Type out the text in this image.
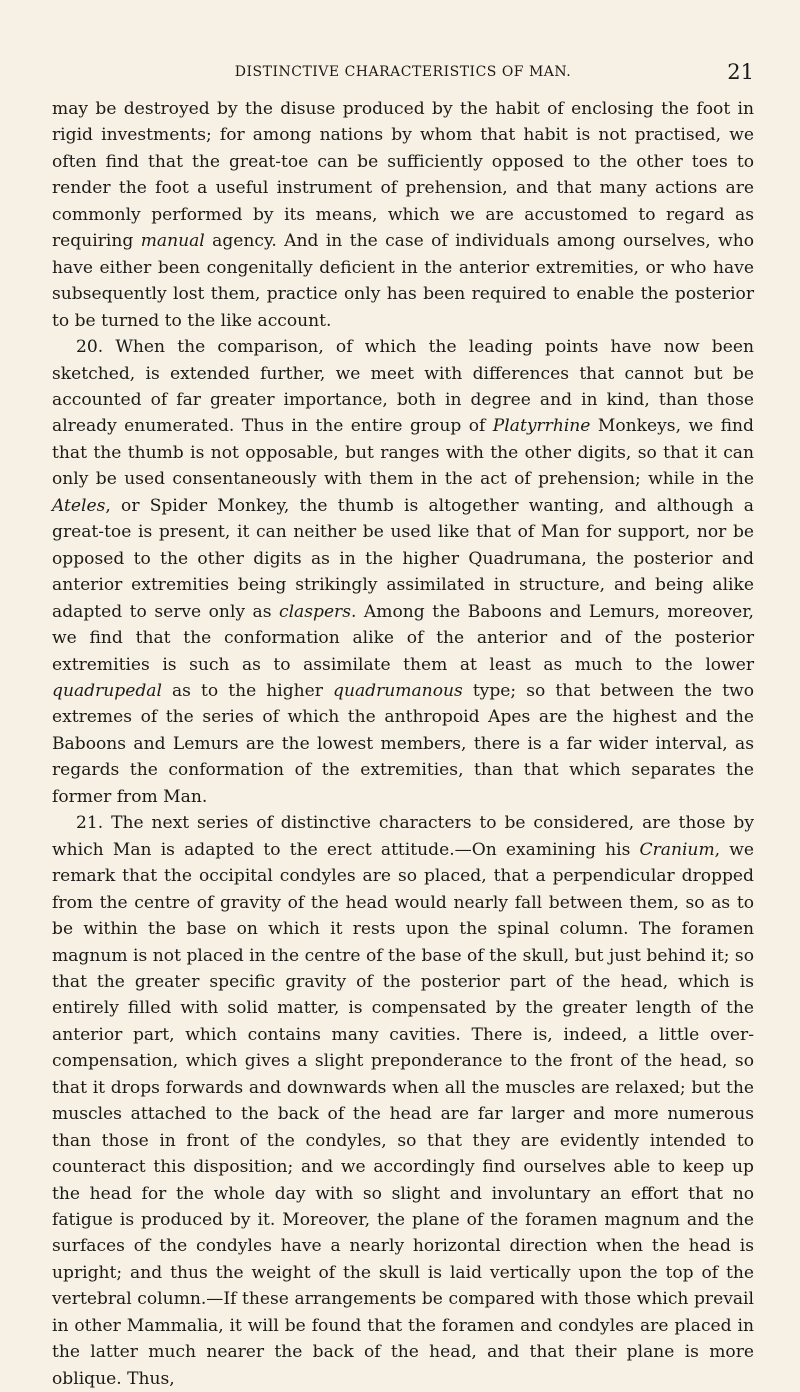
DISTINCTIVE CHARACTERISTICS OF MAN.	21

may be destroyed by the disuse produced by the habit of enclosing the foot in rigid investments; for among nations by whom that habit is not practised, we often find that the great-toe can be sufficiently opposed to the other toes to render the foot a useful instrument of prehension, and that many actions are commonly performed by its means, which we are accustomed to regard as requiring manual agency. And in the case of individuals among ourselves, who have either been congenitally deficient in the anterior extremities, or who have subsequently lost them, practice only has been required to enable the posterior to be turned to the like account.

20. When the comparison, of which the leading points have now been sketched, is extended further, we meet with differences that cannot but be accounted of far greater importance, both in degree and in kind, than those already enumerated. Thus in the entire group of Platyrrhine Monkeys, we find that the thumb is not opposable, but ranges with the other digits, so that it can only be used consentaneously with them in the act of prehension; while in the Ateles, or Spider Monkey, the thumb is altogether wanting, and although a great-toe is present, it can neither be used like that of Man for support, nor be opposed to the other digits as in the higher Quadrumana, the posterior and anterior extremities being strikingly assimilated in structure, and being alike adapted to serve only as claspers. Among the Baboons and Lemurs, moreover, we find that the conformation alike of the anterior and of the posterior extremities is such as to assimilate them at least as much to the lower quadrupedal as to the higher quadrumanous type; so that between the two extremes of the series of which the anthropoid Apes are the highest and the Baboons and Lemurs are the lowest members, there is a far wider interval, as regards the conformation of the extremities, than that which separates the former from Man.

21. The next series of distinctive characters to be considered, are those by which Man is adapted to the erect attitude.—On examining his Cranium, we remark that the occipital condyles are so placed, that a perpendicular dropped from the centre of gravity of the head would nearly fall between them, so as to be within the base on which it rests upon the spinal column. The foramen magnum is not placed in the centre of the base of the skull, but just behind it; so that the greater specific gravity of the posterior part of the head, which is entirely filled with solid matter, is compensated by the greater length of the anterior part, which contains many cavities. There is, indeed, a little over-compensation, which gives a slight preponderance to the front of the head, so that it drops forwards and downwards when all the muscles are relaxed; but the muscles attached to the back of the head are far larger and more numerous than those in front of the condyles, so that they are evidently intended to counteract this disposition; and we accordingly find ourselves able to keep up the head for the whole day with so slight and involuntary an effort that no fatigue is produced by it. Moreover, the plane of the foramen magnum and the surfaces of the condyles have a nearly horizontal direction when the head is upright; and thus the weight of the skull is laid vertically upon the top of the vertebral column.—If these arrangements be compared with those which prevail in other Mammalia, it will be found that the foramen and condyles are placed in the latter much nearer the back of the head, and that their plane is more oblique. Thus,
